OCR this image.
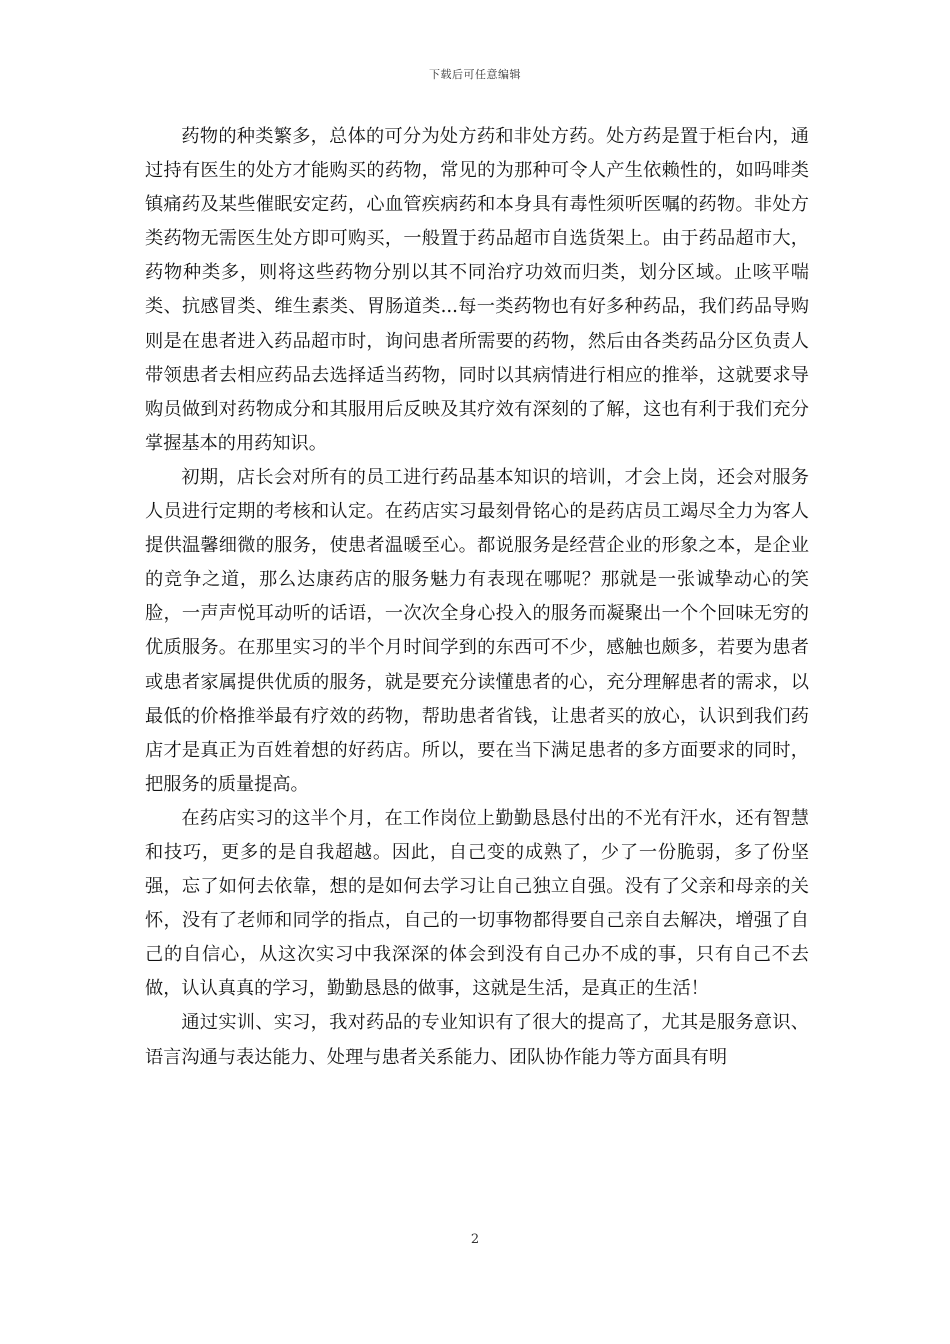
下载后可任意编辑

药物的种类繁多，总体的可分为处方药和非处方药。处方药是置于柜台内，通过持有医生的处方才能购买的药物，常见的为那种可令人产生依赖性的，如吗啡类镇痛药及某些催眠安定药，心血管疾病药和本身具有毒性须听医嘱的药物。非处方类药物无需医生处方即可购买，一般置于药品超市自选货架上。由于药品超市大，药物种类多，则将这些药物分别以其不同治疗功效而归类，划分区域。止咳平喘类、抗感冒类、维生素类、胃肠道类...每一类药物也有好多种药品，我们药品导购则是在患者进入药品超市时，询问患者所需要的药物，然后由各类药品分区负责人带领患者去相应药品去选择适当药物，同时以其病情进行相应的推举，这就要求导购员做到对药物成分和其服用后反映及其疗效有深刻的了解，这也有利于我们充分掌握基本的用药知识。

初期，店长会对所有的员工进行药品基本知识的培训，才会上岗，还会对服务人员进行定期的考核和认定。在药店实习最刻骨铭心的是药店员工竭尽全力为客人提供温馨细微的服务，使患者温暖至心。都说服务是经营企业的形象之本，是企业的竞争之道，那么达康药店的服务魅力有表现在哪呢？那就是一张诚挚动心的笑脸，一声声悦耳动听的话语，一次次全身心投入的服务而凝聚出一个个回味无穷的优质服务。在那里实习的半个月时间学到的东西可不少，感触也颇多，若要为患者或患者家属提供优质的服务，就是要充分读懂患者的心，充分理解患者的需求，以最低的价格推举最有疗效的药物，帮助患者省钱，让患者买的放心，认识到我们药店才是真正为百姓着想的好药店。所以，要在当下满足患者的多方面要求的同时，把服务的质量提高。

在药店实习的这半个月，在工作岗位上勤勤恳恳付出的不光有汗水，还有智慧和技巧，更多的是自我超越。因此，自己变的成熟了，少了一份脆弱，多了份坚强，忘了如何去依靠，想的是如何去学习让自己独立自强。没有了父亲和母亲的关怀，没有了老师和同学的指点，自己的一切事物都得要自己亲自去解决，增强了自己的自信心，从这次实习中我深深的体会到没有自己办不成的事，只有自己不去做，认认真真的学习，勤勤恳恳的做事，这就是生活，是真正的生活！

通过实训、实习，我对药品的专业知识有了很大的提高了，尤其是服务意识、语言沟通与表达能力、处理与患者关系能力、团队协作能力等方面具有明

2
